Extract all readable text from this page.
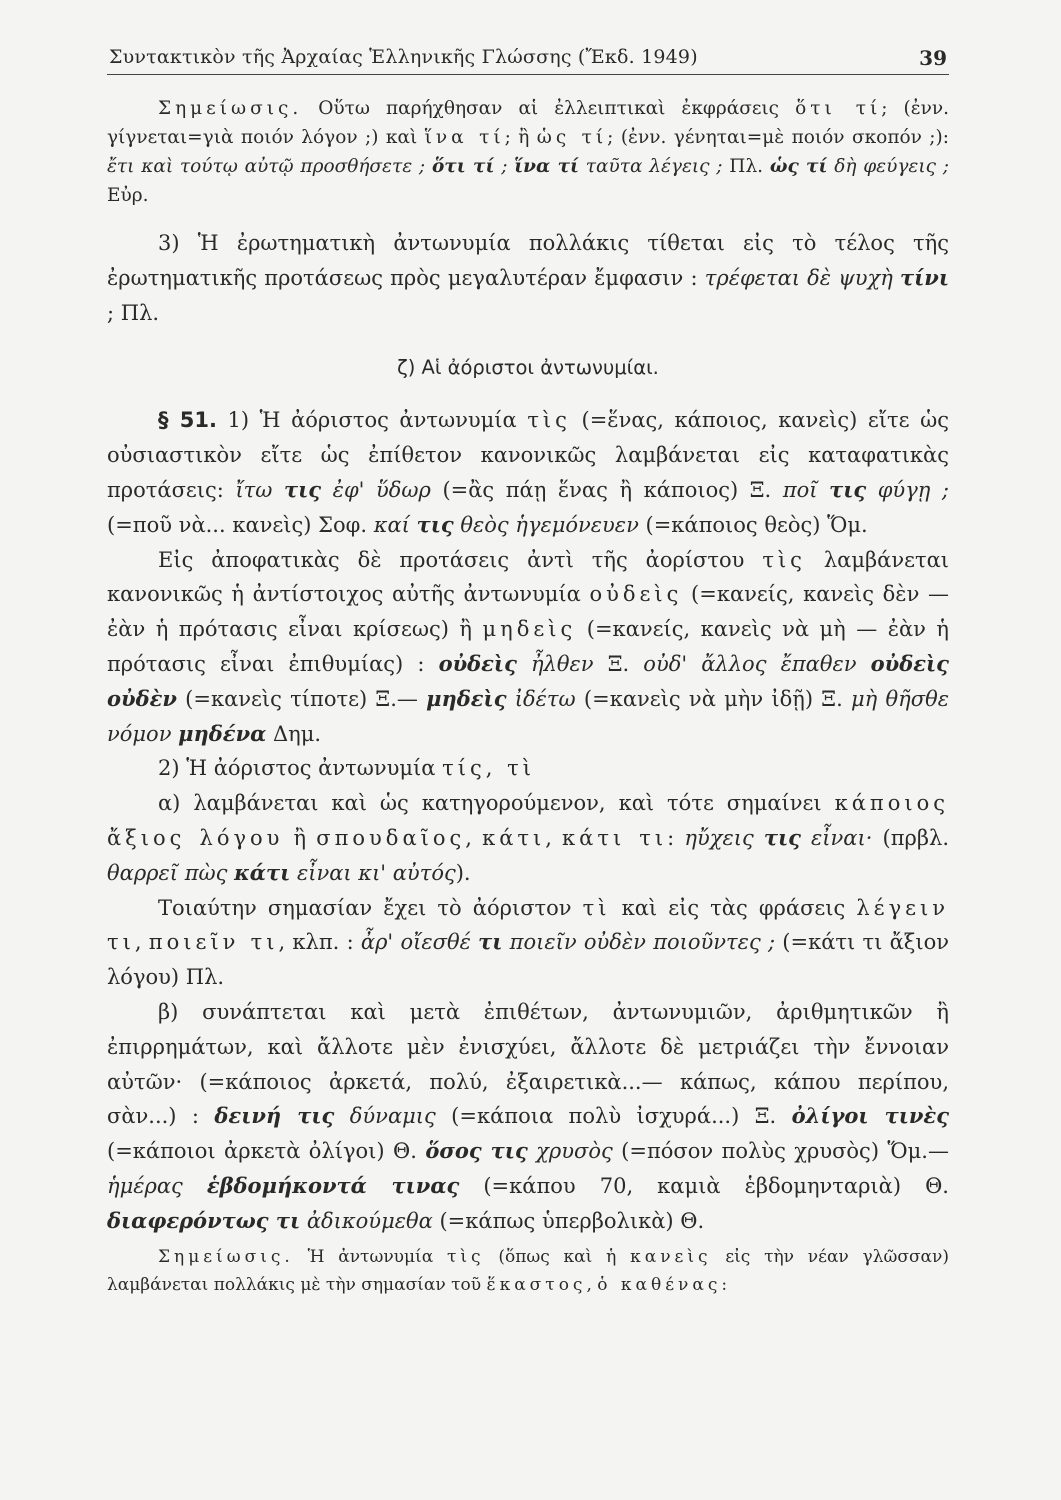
Συντακτικὸν τῆς Ἀρχαίας Ἑλληνικῆς Γλώσσης (Ἔκδ. 1949)	39

Σημείωσις. Οὕτω παρήχθησαν αἱ ἐλλειπτικαὶ ἐκφράσεις ὅτι τί; (ἐνν. γίγνεται=γιὰ ποιόν λόγον ;) καὶ ἵνα τί; ἢ ὡς τί; (ἐνν. γένηται=μὲ ποιόν σκοπόν ;): ἔτι καὶ τούτῳ αὐτῷ προσθήσετε ; ὅτι τί ; ἵνα τί ταῦτα λέγεις ; Πλ. ὡς τί δὴ φεύγεις ; Εὐρ.

3) Ἡ ἐρωτηματικὴ ἀντωνυμία πολλάκις τίθεται εἰς τὸ τέλος τῆς ἐρωτηματικῆς προτάσεως πρὸς μεγαλυτέραν ἔμφασιν : τρέφεται δὲ ψυχὴ τίνι ; Πλ.

ζ) Αἱ ἀόριστοι ἀντωνυμίαι.

§ 51. 1) Ἡ ἀόριστος ἀντωνυμία τὶς (=ἕνας, κάποιος, κανεὶς) εἴτε ὡς οὐσιαστικὸν εἴτε ὡς ἐπίθετον κανονικῶς λαμβάνεται εἰς καταφατικὰς προτάσεις: ἴτω τις ἐφ' ὕδωρ (=ἂς πάῃ ἕνας ἢ κάποιος) Ξ. ποῖ τις φύγῃ ; (=ποῦ νὰ... κανεὶς) Σοφ. καί τις θεὸς ἡγεμόνευεν (=κάποιος θεὸς) Ὅμ.

Εἰς ἀποφατικὰς δὲ προτάσεις ἀντὶ τῆς ἀορίστου τὶς λαμβάνεται κανονικῶς ἡ ἀντίστοιχος αὐτῆς ἀντωνυμία οὐδεὶς (=κανείς, κανεὶς δὲν — ἐὰν ἡ πρότασις εἶναι κρίσεως) ἢ μηδεὶς (=κανείς, κανεὶς νὰ μὴ — ἐὰν ἡ πρότασις εἶναι ἐπιθυμίας) : οὐδεὶς ἦλθεν Ξ. οὐδ' ἄλλος ἔπαθεν οὐδεὶς οὐδὲν (=κανεὶς τίποτε) Ξ.— μηδεὶς ἰδέτω (=κανεὶς νὰ μὴν ἰδῇ) Ξ. μὴ θῆσθε νόμον μηδένα Δημ.

2) Ἡ ἀόριστος ἀντωνυμία τίς, τὶ

α) λαμβάνεται καὶ ὡς κατηγορούμενον, καὶ τότε σημαίνει κάποιος ἄξιος λόγου ἢ σπουδαῖος, κάτι, κάτι τι: ηὔχεις τις εἶναι· (πρβλ. θαρρεῖ πὼς κάτι εἶναι κι' αὐτός).

Τοιαύτην σημασίαν ἔχει τὸ ἀόριστον τὶ καὶ εἰς τὰς φράσεις λέγειν τι, ποιεῖν τι, κλπ. : ἆρ' οἴεσθέ τι ποιεῖν οὐδὲν ποιοῦντες ; (=κάτι τι ἄξιον λόγου) Πλ.

β) συνάπτεται καὶ μετὰ ἐπιθέτων, ἀντωνυμιῶν, ἀριθμητικῶν ἢ ἐπιρρημάτων, καὶ ἄλλοτε μὲν ἐνισχύει, ἄλλοτε δὲ μετριάζει τὴν ἔννοιαν αὐτῶν· (=κάποιος ἀρκετά, πολύ, ἐξαιρετικὰ...— κάπως, κάπου περίπου, σὰν...) : δεινή τις δύναμις (=κάποια πολὺ ἰσχυρά...) Ξ. ὀλίγοι τινὲς (=κάποιοι ἀρκετὰ ὀλίγοι) Θ. ὅσος τις χρυσὸς (=πόσον πολὺς χρυσὸς) Ὅμ.— ἡμέρας ἑβδομήκοντά τινας (=κάπου 70, καμιὰ ἑβδομηνταριὰ) Θ. διαφερόντως τι ἀδικούμεθα (=κάπως ὑπερβολικὰ) Θ.

Σημείωσις. Ἡ ἀντωνυμία τὶς (ὅπως καὶ ἡ κανεὶς εἰς τὴν νέαν γλῶσσαν) λαμβάνεται πολλάκις μὲ τὴν σημασίαν τοῦ ἕκαστος, ὁ καθένας:
